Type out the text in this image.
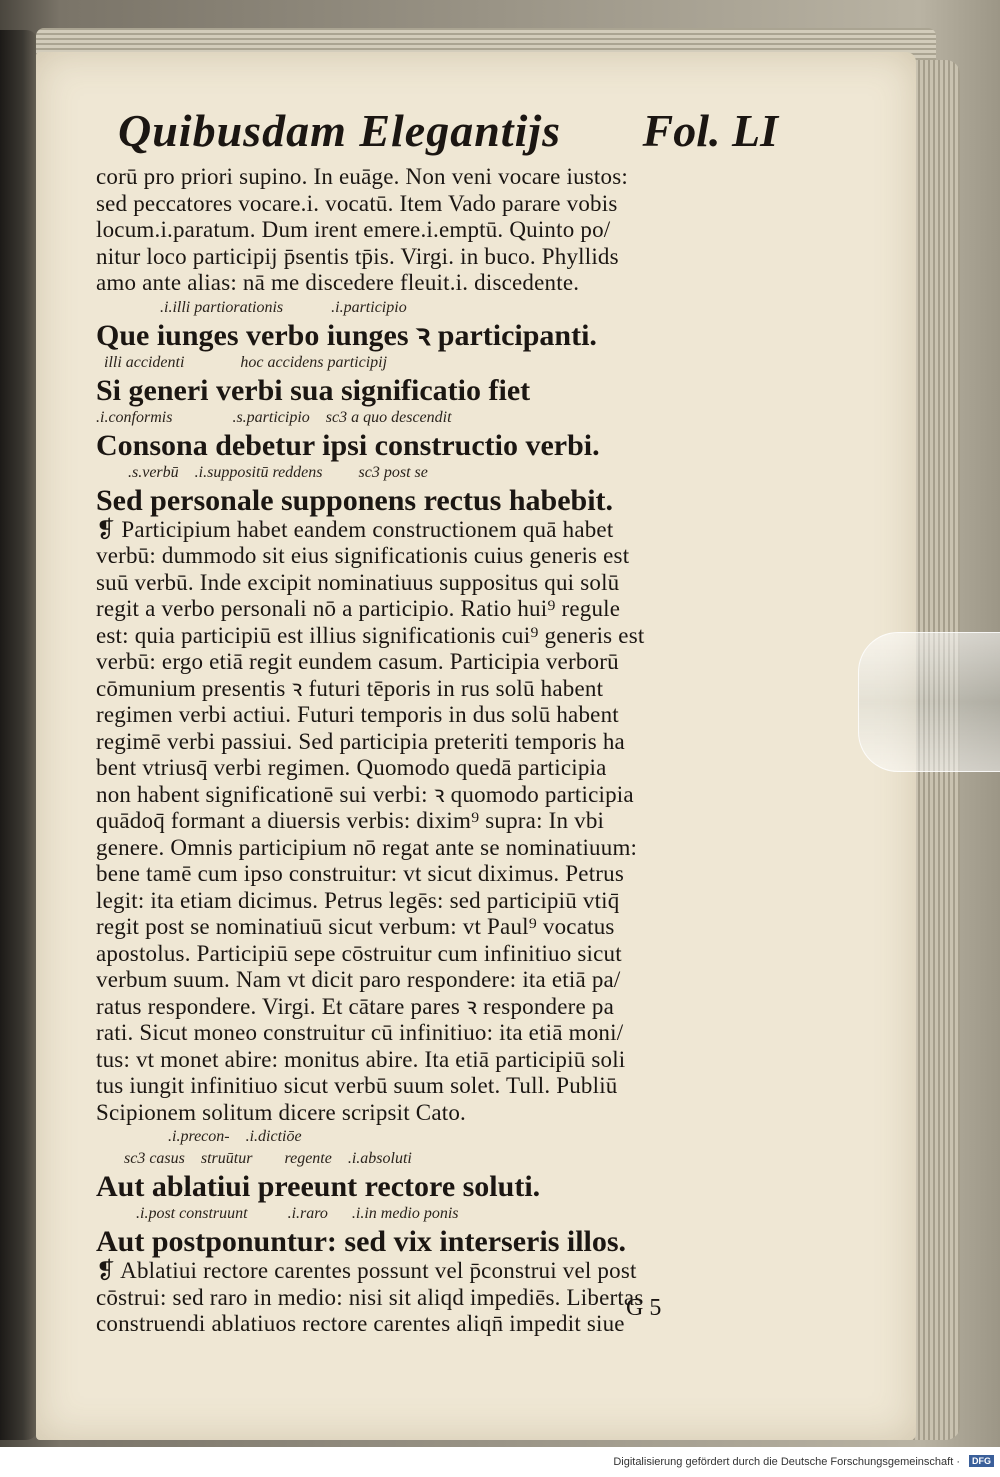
Quibusdam Elegantijs Fol. LI
corū pro priori supino. In euāge. Non veni vocare iustos:
sed peccatores vocare.i. vocatū. Item Vado parare vobis
locum.i.paratum. Dum irent emere.i.emptū. Quinto po/
nitur loco participij p̄sentis tp̄is. Virgi. in buco. Phyllids
amo ante alias: nā me discedere fleuit.i. discedente.
.i.illi partiorationis            .i.participio
Que iunges verbo iunges ꝛ participanti.
illi accidenti              hoc accidens participij
Si generi verbi sua significatio fiet
.i.conformis               .s.participio    sc3 a quo descendit
Consona debetur ipsi constructio verbi.
.s.verbū    .i.suppositū reddens         sc3 post se
Sed personale supponens rectus habebit.
❡ Participium habet eandem constructionem quā habet
verbū: dummodo sit eius significationis cuius generis est
suū verbū. Inde excipit nominatiuus suppositus qui solū
regit a verbo personali nō a participio. Ratio hui⁹ regule
est: quia participiū est illius significationis cui⁹ generis est
verbū: ergo etiā regit eundem casum. Participia verborū
cōmunium presentis ꝛ futuri tēporis in rus solū habent
regimen verbi actiui. Futuri temporis in dus solū habent
regimē verbi passiui. Sed participia preteriti temporis ha
bent vtriusq̄ verbi regimen. Quomodo quedā participia
non habent significationē sui verbi: ꝛ quomodo participia
quādoq̄ formant a diuersis verbis: dixim⁹ supra: In vbi
genere. Omnis participium nō regat ante se nominatiuum:
bene tamē cum ipso construitur: vt sicut diximus. Petrus
legit: ita etiam dicimus. Petrus legēs: sed participiū vtiq̄
regit post se nominatiuū sicut verbum: vt Paul⁹ vocatus
apostolus. Participiū sepe cōstruitur cum infinitiuo sicut
verbum suum. Nam vt dicit paro respondere: ita etiā pa/
ratus respondere. Virgi. Et cātare pares ꝛ respondere pa
rati. Sicut moneo construitur cū infinitiuo: ita etiā moni/
tus: vt monet abire: monitus abire. Ita etiā participiū soli
tus iungit infinitiuo sicut verbū suum solet. Tull. Publiū
Scipionem solitum dicere scripsit Cato.
.i.precon-    .i.dictiōe
sc3 casus    struūtur        regente    .i.absoluti
Aut ablatiui preeunt rectore soluti.
.i.post construunt          .i.raro      .i.in medio ponis
Aut postponuntur: sed vix interseris illos.
❡ Ablatiui rectore carentes possunt vel p̄construi vel post
cōstrui: sed raro in medio: nisi sit aliqd impediēs. Libertas
construendi ablatiuos rectore carentes aliqn̄ impedit siue
G 5
Digitalisierung gefördert durch die Deutsche Forschungsgemeinschaft ·	DFG
